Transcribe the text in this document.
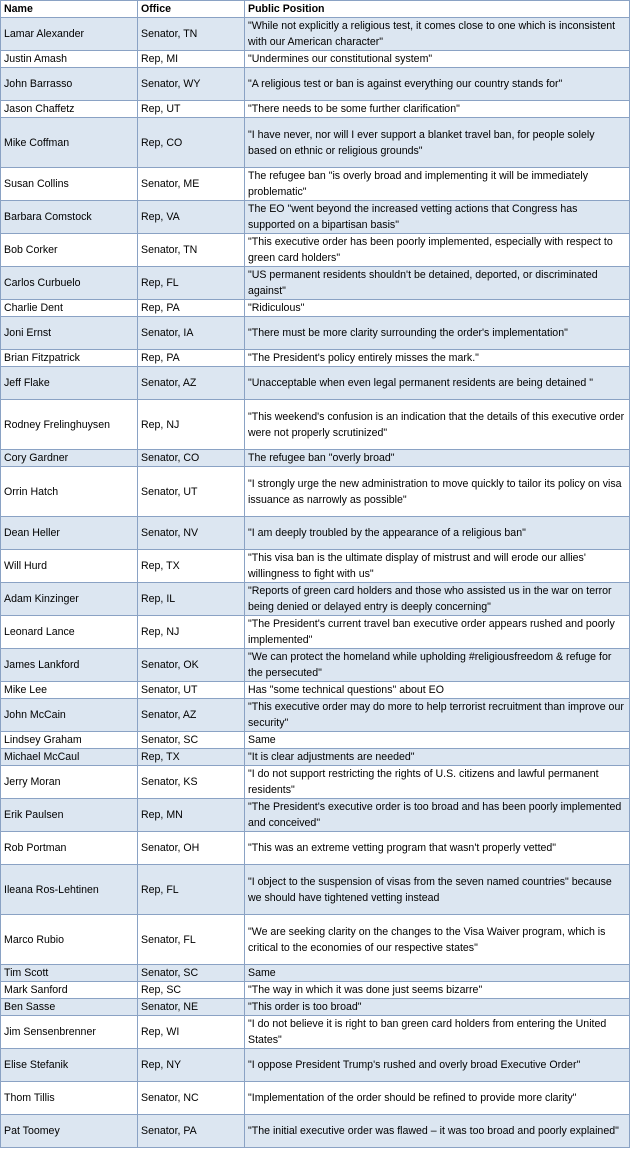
Name	Office	Public Position
Lamar Alexander	Senator, TN	"While not explicitly a religious test, it comes close to one which is inconsistent with our American character"
Justin Amash	Rep, MI	"Undermines our constitutional system"
John Barrasso	Senator, WY	"A religious test or ban is against everything our country stands for"
Jason Chaffetz	Rep, UT	"There needs to be some further clarification"
Mike Coffman	Rep, CO	"I have never, nor will I ever support a blanket travel ban, for people solely based on ethnic or religious grounds"
Susan Collins	Senator, ME	The refugee ban "is overly broad and implementing it will be immediately problematic"
Barbara Comstock	Rep, VA	The EO "went beyond the increased vetting actions that Congress has supported on a bipartisan basis"
Bob Corker	Senator, TN	"This executive order has been poorly implemented, especially with respect to green card holders"
Carlos Curbuelo	Rep, FL	"US permanent residents shouldn't be detained, deported, or discriminated against"
Charlie Dent	Rep, PA	"Ridiculous"
Joni Ernst	Senator, IA	"There must be more clarity surrounding the order's implementation"
Brian Fitzpatrick	Rep, PA	"The President's policy entirely misses the mark."
Jeff Flake	Senator, AZ	"Unacceptable when even legal permanent residents are being detained "
Rodney Frelinghuysen	Rep, NJ	"This weekend's confusion is an indication that the details of this executive order were not properly scrutinized"
Cory Gardner	Senator, CO	The refugee ban "overly broad"
Orrin Hatch	Senator, UT	"I strongly urge the new administration to move quickly to tailor its policy on visa issuance as narrowly as possible"
Dean Heller	Senator, NV	"I am deeply troubled by the appearance of a religious ban"
Will Hurd	Rep, TX	"This visa ban is the ultimate display of mistrust and will erode our allies' willingness to fight with us"
Adam Kinzinger	Rep, IL	"Reports of green card holders and those who assisted us in the war on terror being denied or delayed entry is deeply concerning"
Leonard Lance	Rep, NJ	"The President's current travel ban executive order appears rushed and poorly implemented"
James Lankford	Senator, OK	"We can protect the homeland while upholding #religiousfreedom & refuge for the persecuted"
Mike Lee	Senator, UT	Has "some technical questions" about EO
John McCain	Senator, AZ	"This executive order may do more to help terrorist recruitment than improve our security"
Lindsey Graham	Senator, SC	Same
Michael McCaul	Rep, TX	"It is clear adjustments are needed"
Jerry Moran	Senator, KS	"I do not support restricting the rights of U.S. citizens and lawful permanent residents"
Erik Paulsen	Rep, MN	"The President's executive order is too broad and has been poorly implemented and conceived"
Rob Portman	Senator, OH	"This was an extreme vetting program that wasn't properly vetted"
Ileana Ros-Lehtinen	Rep, FL	"I object to the suspension of visas from the seven named countries" because we should have tightened vetting instead
Marco Rubio	Senator, FL	"We are seeking clarity on the changes to the Visa Waiver program, which is critical to the economies of our respective states"
Tim Scott	Senator, SC	Same
Mark Sanford	Rep, SC	"The way in which it was done just seems bizarre"
Ben Sasse	Senator, NE	"This order is too broad"
Jim Sensenbrenner	Rep, WI	"I do not believe it is right to ban green card holders from entering the United States"
Elise Stefanik	Rep, NY	"I oppose President Trump's rushed and overly broad Executive Order"
Thom Tillis	Senator, NC	"Implementation of the order should be refined to provide more clarity"
Pat Toomey	Senator, PA	"The initial executive order was flawed – it was too broad and poorly explained"
